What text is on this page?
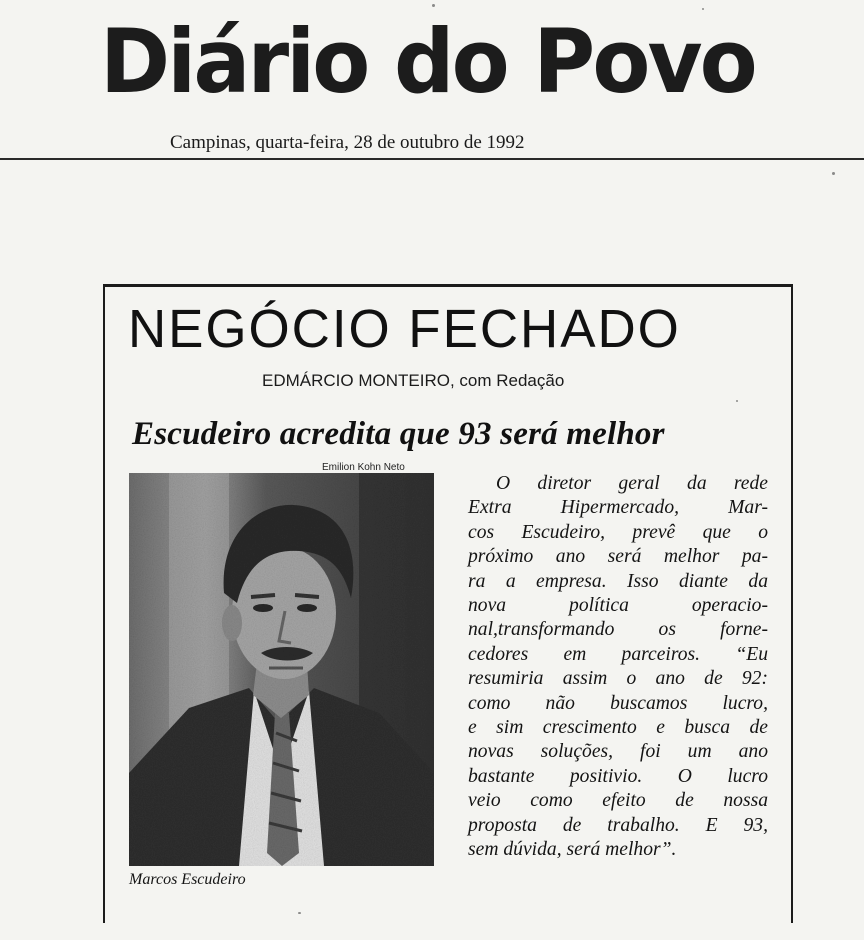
Diário do Povo
Campinas, quarta-feira, 28 de outubro de 1992
NEGÓCIO FECHADO
EDMÁRCIO MONTEIRO, com Redação
Escudeiro acredita que 93 será melhor
Emilion Kohn Neto
Marcos Escudeiro
O diretor geral da rede
Extra Hipermercado, Mar-
cos Escudeiro, prevê que o
próximo ano será melhor pa-
ra a empresa. Isso diante da
nova política operacio-
nal,transformando os forne-
cedores em parceiros. “Eu
resumiria assim o ano de 92:
como não buscamos lucro,
e sim crescimento e busca de
novas soluções, foi um ano
bastante positivio. O lucro
veio como efeito de nossa
proposta de trabalho. E 93,
sem dúvida, será melhor”.
